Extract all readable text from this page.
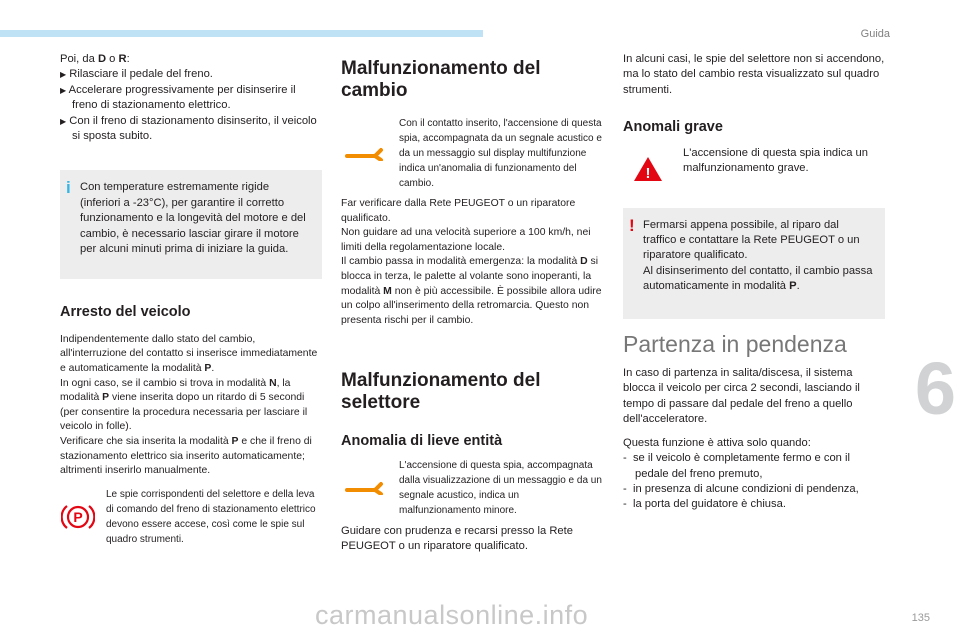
Guida
6

Poi, da D o R:

▶ Rilasciare il pedale del freno.

▶ Accelerare progressivamente per disinserire il freno di stazionamento elettrico.

▶ Con il freno di stazionamento disinserito, il veicolo si sposta subito.

i Con temperature estremamente rigide (inferiori a -23°C), per garantire il corretto funzionamento e la longevità del motore e del cambio, è necessario lasciar girare il motore per alcuni minuti prima di iniziare la guida.

Arresto del veicolo

Indipendentemente dallo stato del cambio, all'interruzione del contatto si inserisce immediatamente e automaticamente la modalità P.
In ogni caso, se il cambio si trova in modalità N, la modalità P viene inserita dopo un ritardo di 5 secondi (per consentire la procedura necessaria per lasciare il veicolo in folle).
Verificare che sia inserita la modalità P e che il freno di stazionamento elettrico sia inserito automaticamente; altrimenti inserirlo manualmente.

P

Le spie corrispondenti del selettore e della leva di comando del freno di stazionamento elettrico devono essere accese, così come le spie sul quadro strumenti.

Malfunzionamento del cambio

Con il contatto inserito, l'accensione di questa spia, accompagnata da un segnale acustico e da un messaggio sul display multifunzione indica un'anomalia di funzionamento del cambio.

Far verificare dalla Rete PEUGEOT o un riparatore qualificato.

Non guidare ad una velocità superiore a 100 km/h, nei limiti della regolamentazione locale.

Il cambio passa in modalità emergenza: la modalità D si blocca in terza, le palette al volante sono inoperanti, la modalità M non è più accessibile. È possibile allora udire un colpo all'inserimento della retromarcia. Questo non presenta rischi per il cambio.

Malfunzionamento del selettore
Anomalia di lieve entità

L'accensione di questa spia, accompagnata dalla visualizzazione di un messaggio e da un segnale acustico, indica un malfunzionamento minore.

Guidare con prudenza e recarsi presso la Rete PEUGEOT o un riparatore qualificato.

In alcuni casi, le spie del selettore non si accendono, ma lo stato del cambio resta visualizzato sul quadro strumenti.

Anomali grave
!

L'accensione di questa spia indica un malfunzionamento grave.

! Fermarsi appena possibile, al riparo dal traffico e contattare la Rete PEUGEOT o un riparatore qualificato.

Al disinserimento del contatto, il cambio passa automaticamente in modalità P.

Partenza in pendenza

In caso di partenza in salita/discesa, il sistema blocca il veicolo per circa 2 secondi, lasciando il tempo di passare dal pedale del freno a quello dell'acceleratore.

Questa funzione è attiva solo quando:

- se il veicolo è completamente fermo e con il pedale del freno premuto,

- in presenza di alcune condizioni di pendenza,

- la porta del guidatore è chiusa.

carmanualsonline.info	135
